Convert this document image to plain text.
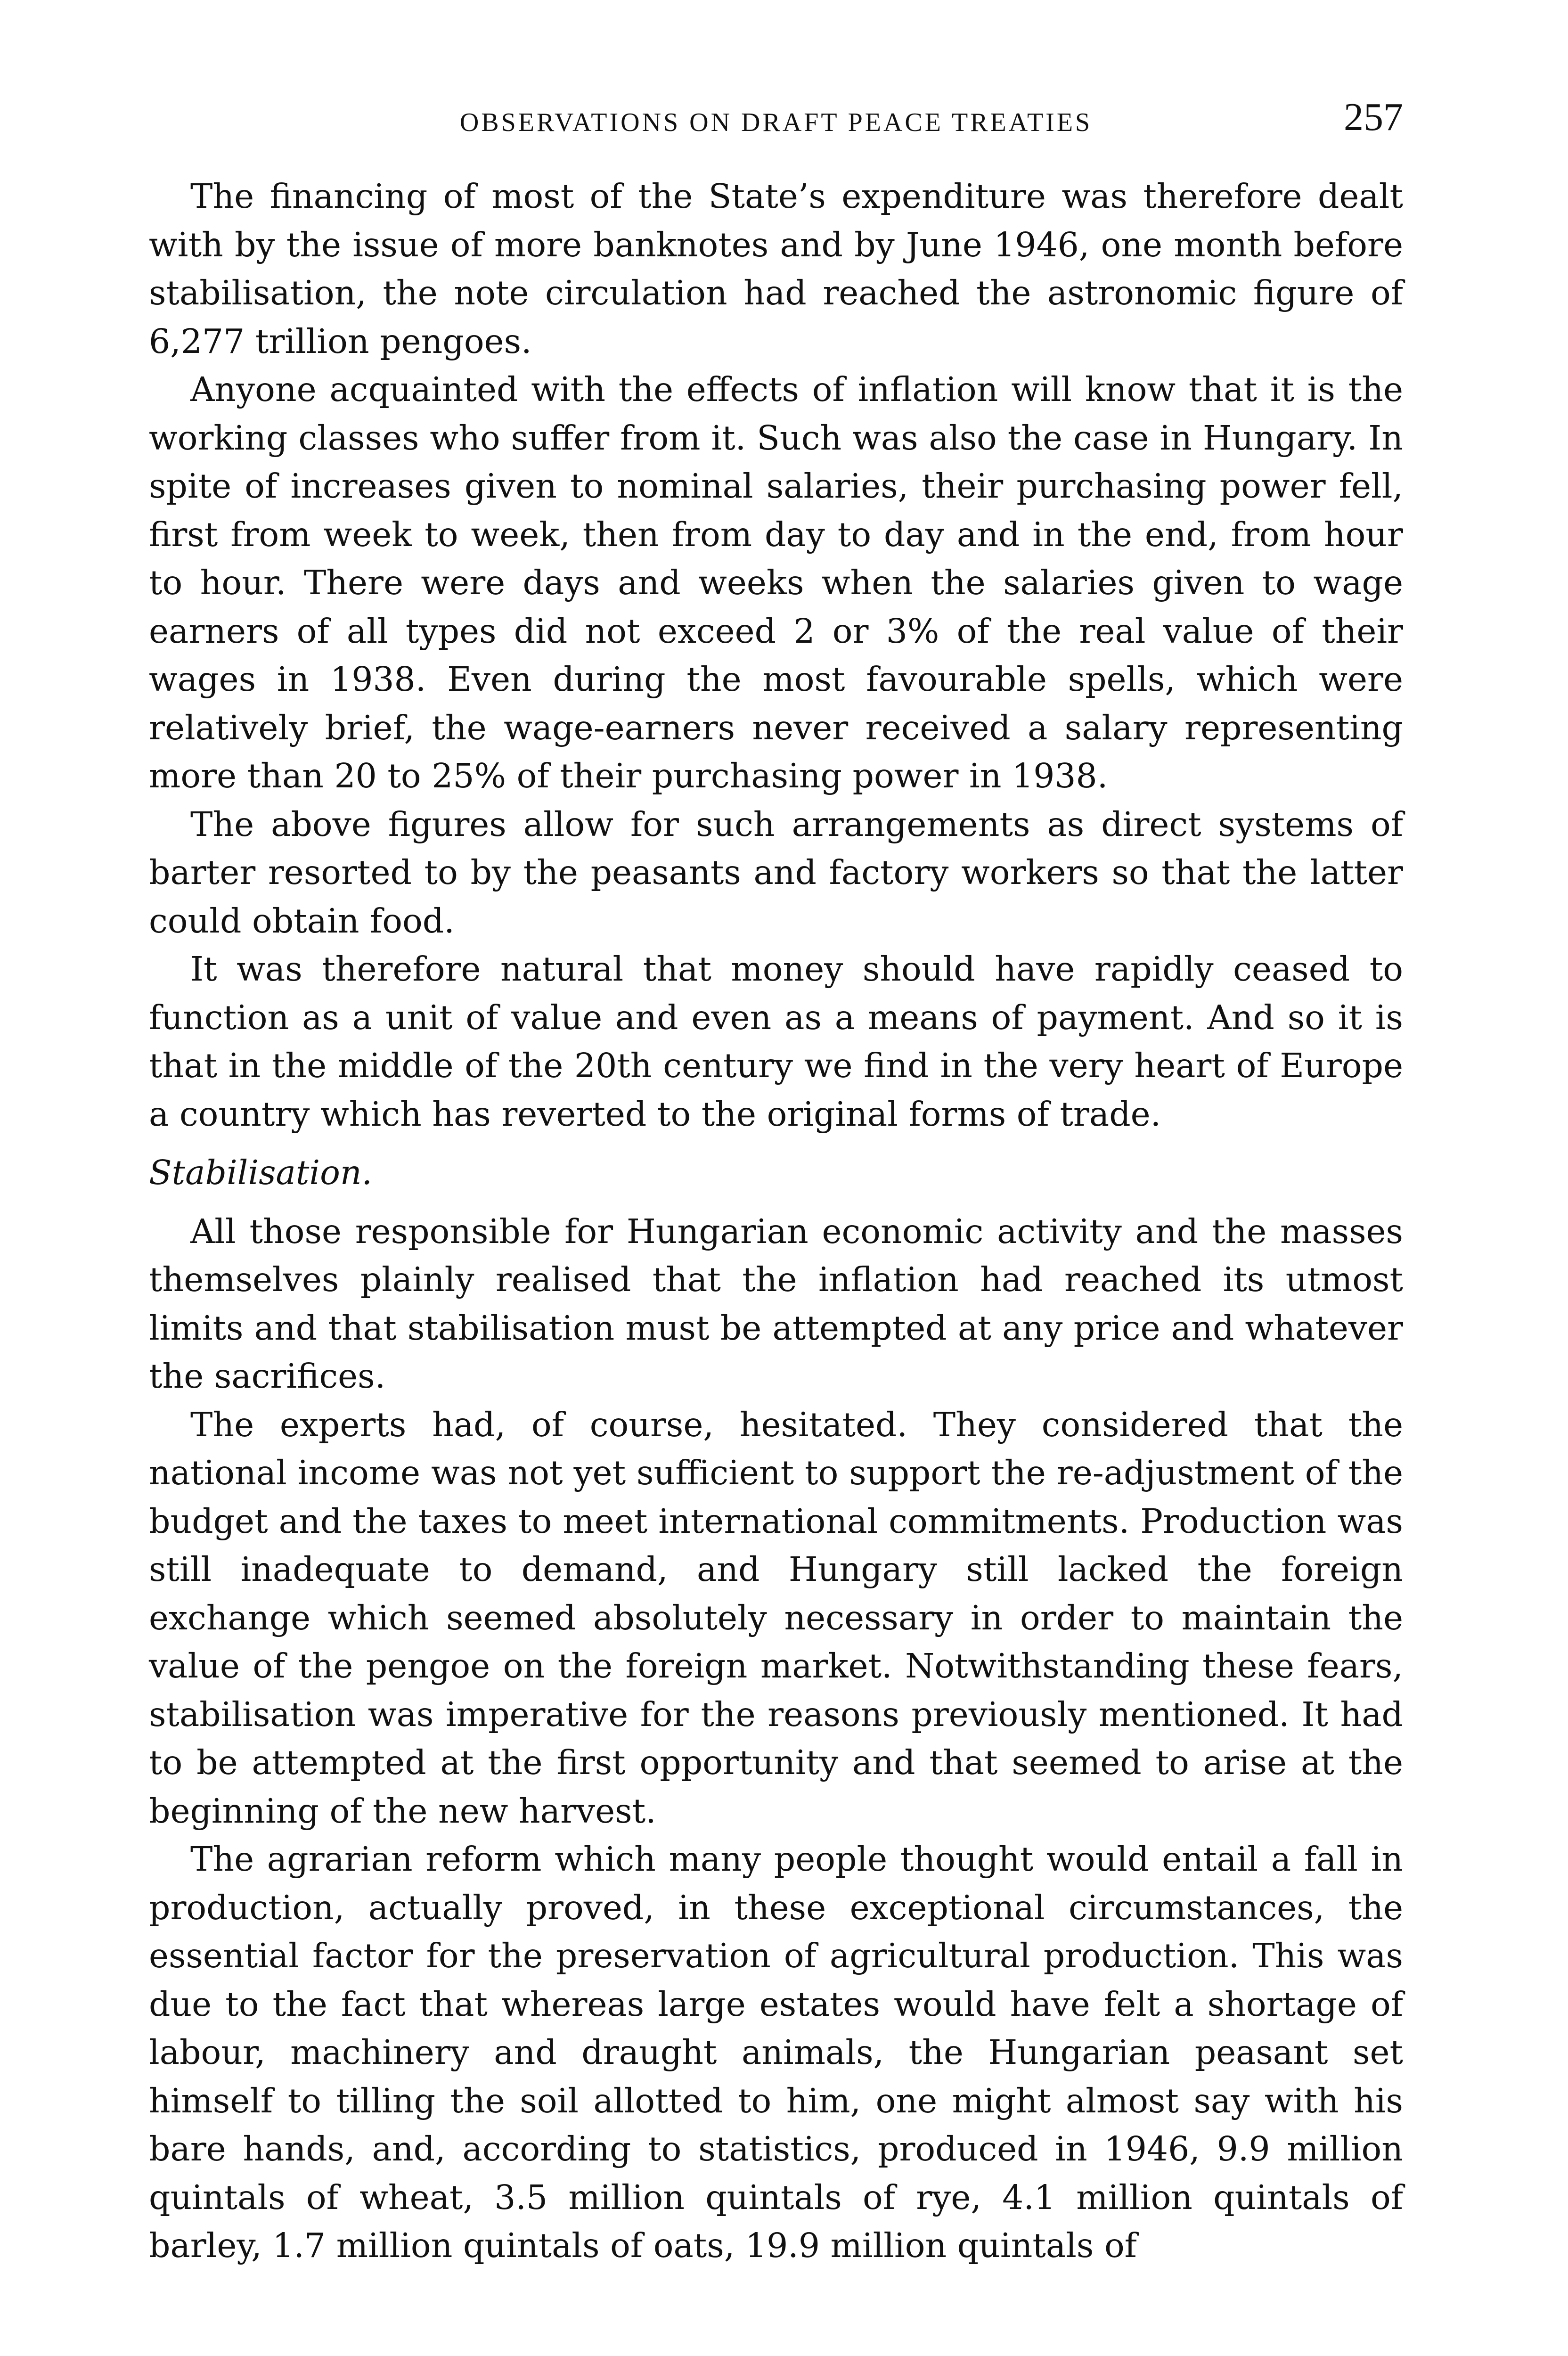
OBSERVATIONS ON DRAFT PEACE TREATIES	257

The financing of most of the State’s expenditure was therefore dealt with by the issue of more banknotes and by June 1946, one month before stabilisation, the note circulation had reached the astronomic figure of 6,277 trillion pengoes.

Anyone acquainted with the effects of inflation will know that it is the working classes who suffer from it. Such was also the case in Hungary. In spite of increases given to nominal salaries, their purchasing power fell, first from week to week, then from day to day and in the end, from hour to hour. There were days and weeks when the salaries given to wage earners of all types did not exceed 2 or 3% of the real value of their wages in 1938. Even during the most favourable spells, which were relatively brief, the wage-earners never received a salary representing more than 20 to 25% of their purchasing power in 1938.

The above figures allow for such arrangements as direct systems of barter resorted to by the peasants and factory workers so that the latter could obtain food.

It was therefore natural that money should have rapidly ceased to function as a unit of value and even as a means of payment. And so it is that in the middle of the 20th century we find in the very heart of Europe a country which has reverted to the original forms of trade.

Stabilisation.

All those responsible for Hungarian economic activity and the masses themselves plainly realised that the inflation had reached its utmost limits and that stabilisation must be attempted at any price and whatever the sacrifices.

The experts had, of course, hesitated. They considered that the national income was not yet sufficient to support the re-adjustment of the budget and the taxes to meet international commitments. Production was still inadequate to demand, and Hungary still lacked the foreign exchange which seemed absolutely necessary in order to maintain the value of the pengoe on the foreign market. Notwithstanding these fears, stabilisation was imperative for the reasons previously mentioned. It had to be attempted at the first opportunity and that seemed to arise at the beginning of the new harvest.

The agrarian reform which many people thought would entail a fall in production, actually proved, in these exceptional circumstances, the essential factor for the preservation of agricultural production. This was due to the fact that whereas large estates would have felt a shortage of labour, machinery and draught animals, the Hungarian peasant set himself to tilling the soil allotted to him, one might almost say with his bare hands, and, according to statistics, produced in 1946, 9.9 million quintals of wheat, 3.5 million quintals of rye, 4.1 million quintals of barley, 1.7 million quintals of oats, 19.9 million quintals of
